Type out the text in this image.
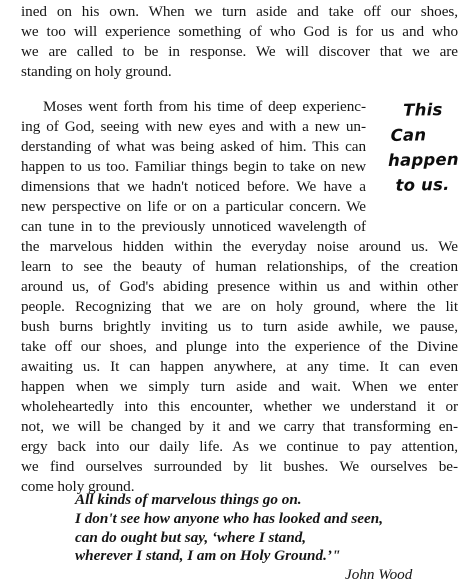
ined on his own. When we turn aside and take off our shoes,
we too will experience something of who God is for us and who
we are called to be in response. We will discover that we are
standing on holy ground.
Moses went forth from his time of deep experienc-
ing of God, seeing with new eyes and with a new un-
derstanding of what was being asked of him. This can
happen to us too. Familiar things begin to take on new
dimensions that we hadn't noticed before. We have a
new perspective on life or on a particular concern. We
can tune in to the previously unnoticed wavelength of
the marvelous hidden within the everyday noise around us. We
learn to see the beauty of human relationships, of the creation
around us, of God's abiding presence within us and within other
people. Recognizing that we are on holy ground, where the lit
bush burns brightly inviting us to turn aside awhile, we pause,
take off our shoes, and plunge into the experience of the Divine
awaiting us. It can happen anywhere, at any time. It can even
happen when we simply turn aside and wait. When we enter
wholeheartedly into this encounter, whether we understand it or
not, we will be changed by it and we carry that transforming en-
ergy back into our daily life. As we continue to pay attention,
we find ourselves surrounded by lit bushes. We ourselves be-
come holy ground.
This
Can
happen
to us.
All kinds of marvelous things go on.
I don't see how anyone who has looked and seen,
can do ought but say, ‘where I stand,
wherever I stand, I am on Holy Ground.’"
John Wood
